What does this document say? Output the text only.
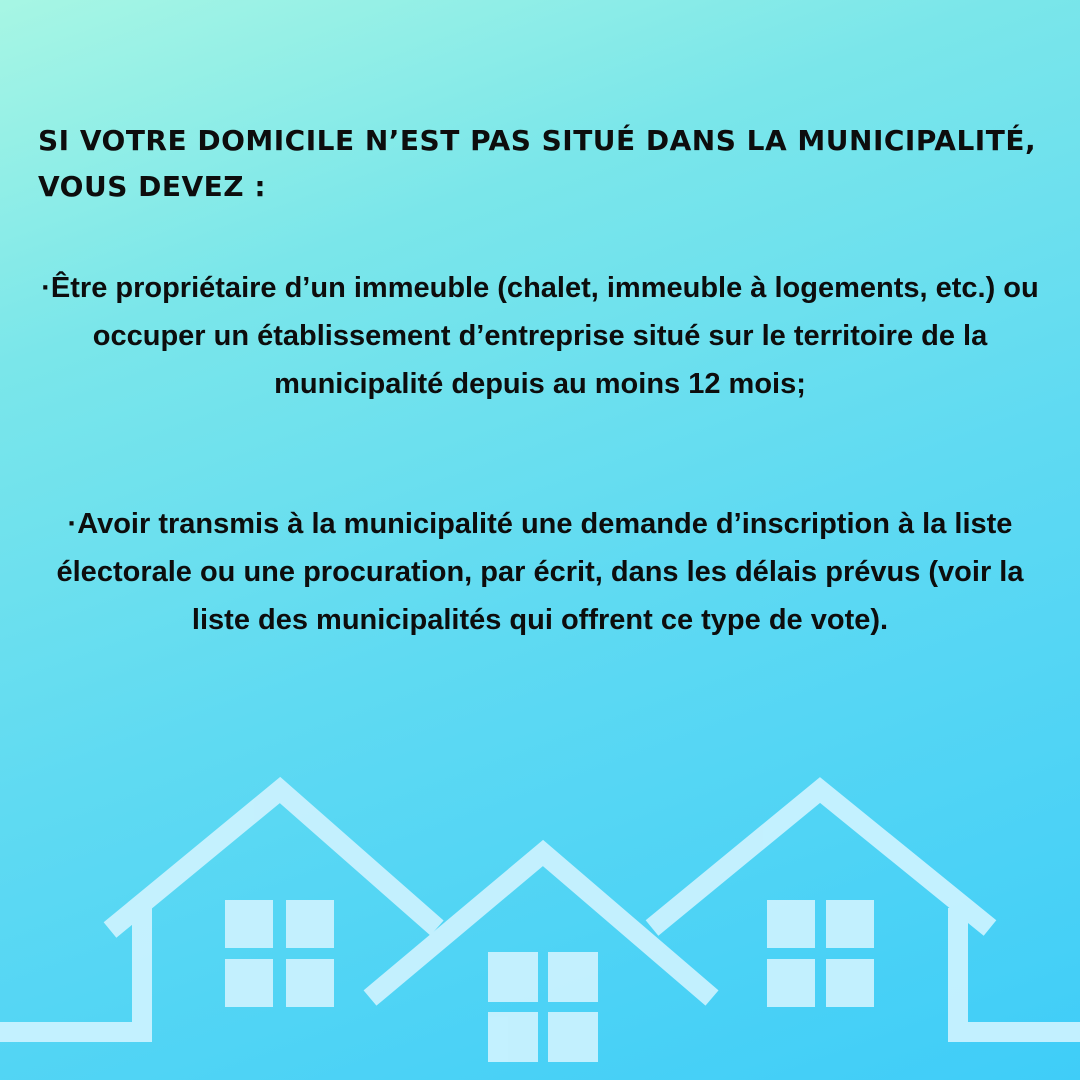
SI VOTRE DOMICILE N’EST PAS SITUÉ DANS LA MUNICIPALITÉ,
VOUS DEVEZ :

·Être propriétaire d’un immeuble (chalet, immeuble à logements, etc.) ou occuper un établissement d’entreprise situé sur le territoire de la municipalité depuis au moins 12 mois;

·Avoir transmis à la municipalité une demande d’inscription à la liste électorale ou une procuration, par écrit, dans les délais prévus (voir la liste des municipalités qui offrent ce type de vote).
